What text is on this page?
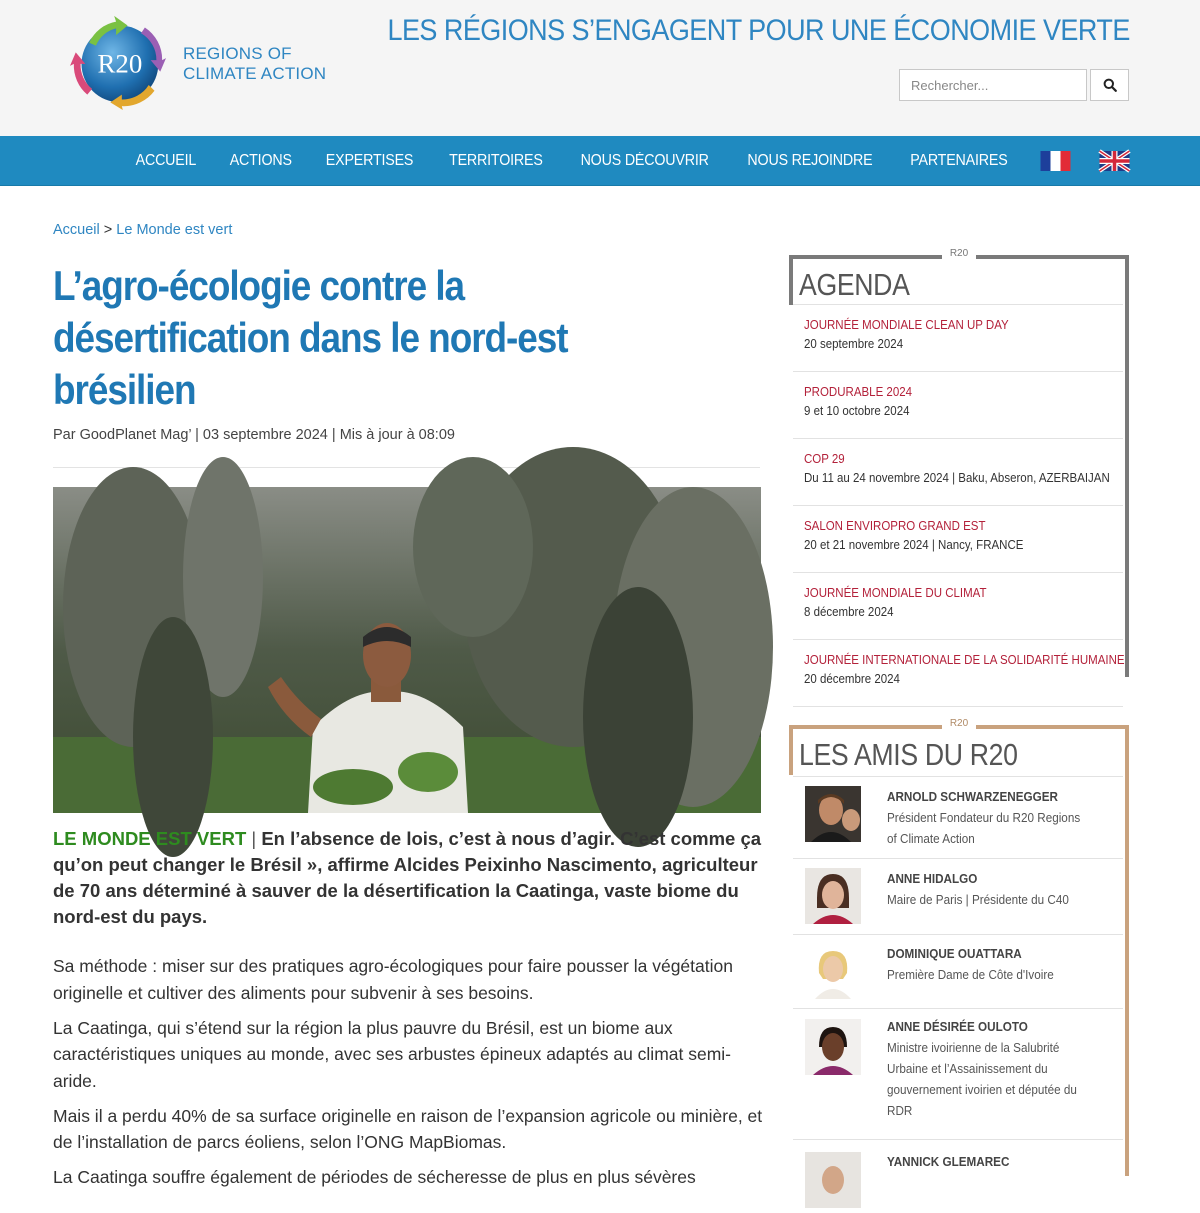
R20 REGIONS OF
CLIMATE ACTION
LES RÉGIONS S’ENGAGENT POUR UNE ÉCONOMIE VERTE
Rechercher...
ACCUEIL ACTIONS EXPERTISES TERRITOIRES NOUS DÉCOUVRIR	NOUS REJOINDRE PARTENAIRES
Accueil > Le Monde est vert
L’agro-écologie contre la désertification dans le nord-est brésilien
Par GoodPlanet Mag’ | 03 septembre 2024 | Mis à jour à 08:09
LE MONDE EST VERT | En l’absence de lois, c’est à nous d’agir. C’est comme ça qu’on peut changer le Brésil », affirme Alcides Peixinho Nascimento, agriculteur de 70 ans déterminé à sauver de la désertification la Caatinga, vaste biome du nord-est du pays.

Sa méthode : miser sur des pratiques agro-écologiques pour faire pousser la végétation originelle et cultiver des aliments pour subvenir à ses besoins.

La Caatinga, qui s’étend sur la région la plus pauvre du Brésil, est un biome aux caractéristiques uniques au monde, avec ses arbustes épineux adaptés au climat semi-aride.

Mais il a perdu 40% de sa surface originelle en raison de l’expansion agricole ou minière, et de l’installation de parcs éoliens, selon l’ONG MapBiomas.

La Caatinga souffre également de périodes de sécheresse de plus en plus sévères

R20
AGENDA
JOURNÉE MONDIALE CLEAN UP DAY
20 septembre 2024
PRODURABLE 2024
9 et 10 octobre 2024
COP 29
Du 11 au 24 novembre 2024 | Baku, Abseron, AZERBAIJAN
SALON ENVIROPRO GRAND EST
20 et 21 novembre 2024 | Nancy, FRANCE
JOURNÉE MONDIALE DU CLIMAT
8 décembre 2024
JOURNÉE INTERNATIONALE DE LA SOLIDARITÉ HUMAINE
20 décembre 2024
R20
LES AMIS DU R20
ARNOLD SCHWARZENEGGER
Président Fondateur du R20 Regions of Climate Action
ANNE HIDALGO
Maire de Paris | Présidente du C40
DOMINIQUE OUATTARA
Première Dame de Côte d'Ivoire
ANNE DÉSIRÉE OULOTO
Ministre ivoirienne de la Salubrité Urbaine et l’Assainissement du gouvernement ivoirien et députée du RDR
YANNICK GLEMAREC
